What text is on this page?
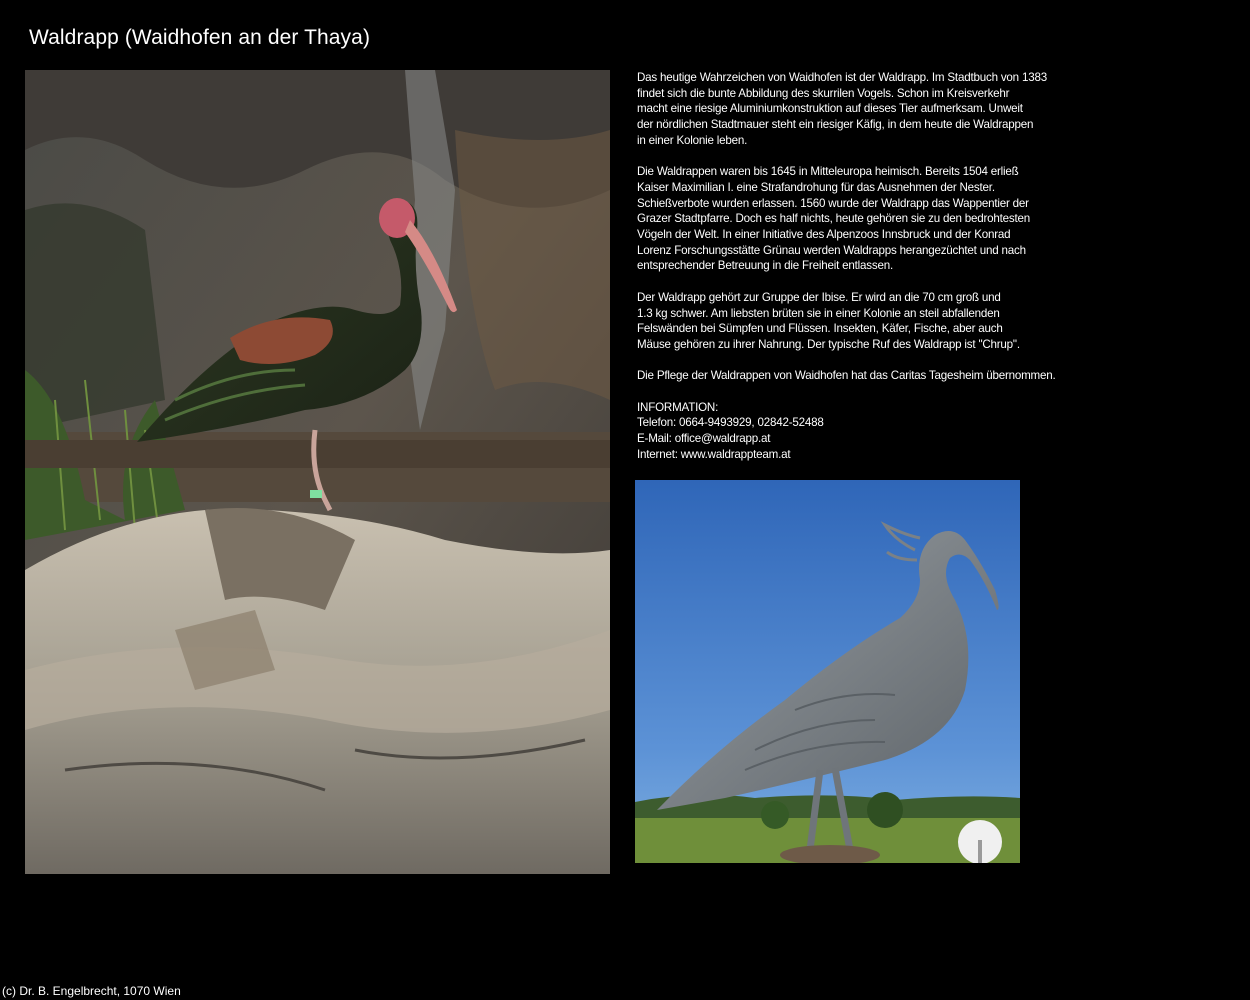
Waldrapp (Waidhofen an der Thaya)

Das heutige Wahrzeichen von Waidhofen ist der Waldrapp. Im Stadtbuch von 1383
findet sich die bunte Abbildung des skurrilen Vogels. Schon im Kreisverkehr
macht eine riesige Aluminiumkonstruktion auf dieses Tier aufmerksam. Unweit
der nördlichen Stadtmauer steht ein riesiger Käfig, in dem heute die Waldrappen
in einer Kolonie leben.

Die Waldrappen waren bis 1645 in Mitteleuropa heimisch. Bereits 1504 erließ
Kaiser Maximilian I. eine Strafandrohung für das Ausnehmen der Nester.
Schießverbote wurden erlassen. 1560 wurde der Waldrapp das Wappentier der
Grazer Stadtpfarre. Doch es half nichts, heute gehören sie zu den bedrohtesten
Vögeln der Welt. In einer Initiative des Alpenzoos Innsbruck und der Konrad
Lorenz Forschungsstätte Grünau werden Waldrapps herangezüchtet und nach
entsprechender Betreuung in die Freiheit entlassen.

Der Waldrapp gehört zur Gruppe der Ibise. Er wird an die 70 cm groß und
1.3 kg schwer. Am liebsten brüten sie in einer Kolonie an steil abfallenden
Felswänden bei Sümpfen und Flüssen. Insekten, Käfer, Fische, aber auch
Mäuse gehören zu ihrer Nahrung. Der typische Ruf des Waldrapp ist "Chrup".

Die Pflege der Waldrappen von Waidhofen hat das Caritas Tagesheim übernommen.

INFORMATION:
Telefon: 0664-9493929, 02842-52488
E-Mail: office@waldrapp.at
Internet: www.waldrappteam.at

(c) Dr. B. Engelbrecht, 1070 Wien
